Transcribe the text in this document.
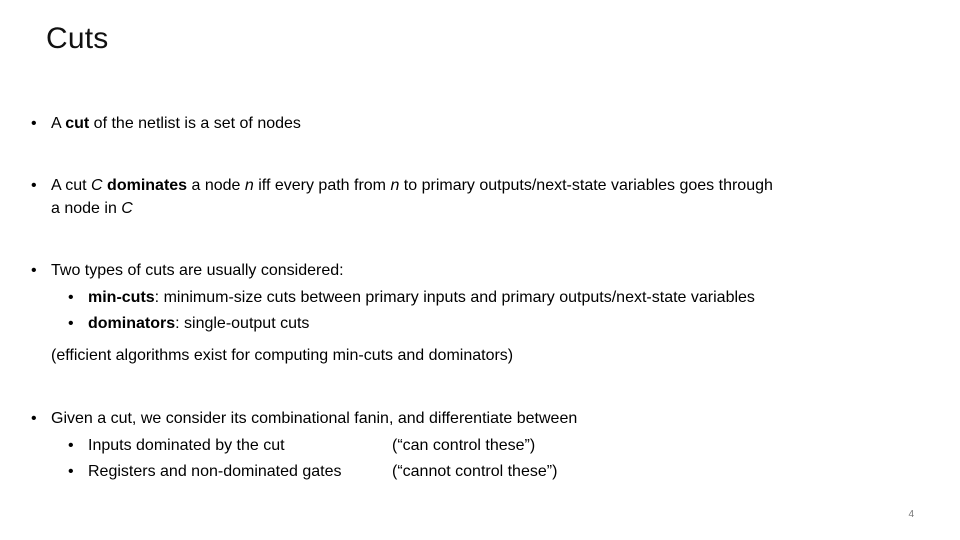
Cuts
• A cut of the netlist is a set of nodes
• A cut C dominates a node n iff every path from n to primary outputs/next-state variables goes through
a node in C
• Two types of cuts are usually considered:
• min-cuts: minimum-size cuts between primary inputs and primary outputs/next-state variables
• dominators: single-output cuts
(efficient algorithms exist for computing min-cuts and dominators)
• Given a cut, we consider its combinational fanin, and differentiate between
• Inputs dominated by the cut	(“can control these”)
• Registers and non-dominated gates	(“cannot control these”)
4
